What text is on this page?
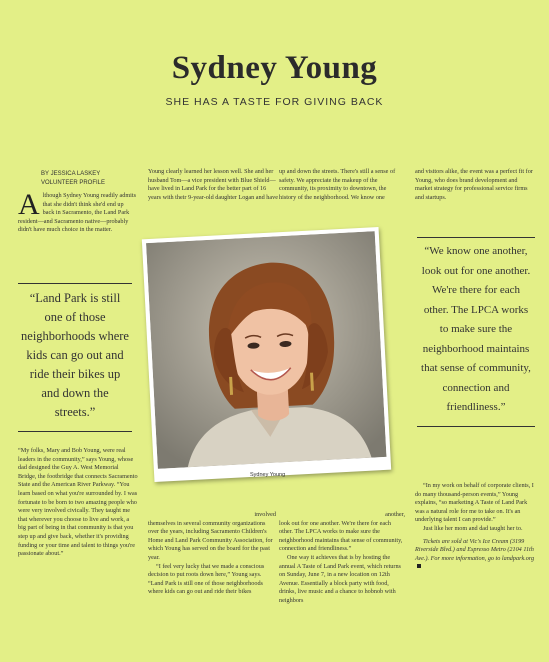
Sydney Young
SHE HAS A TASTE FOR GIVING BACK
BY JESSICA LASKEY
VOLUNTEER PROFILE
A lthough Sydney Young readily admits that she didn't think she'd end up back in Sacramento, the Land Park resident—and Sacramento native—probably didn't have much choice in the matter.
Young clearly learned her lesson well. She and her husband Tom—a vice president with Blue Shield—have lived in Land Park for the better part of 16 years with their 9-year-old daughter Logan and have
up and down the streets. There's still a sense of safety. We appreciate the makeup of the community, its proximity to downtown, the history of the neighborhood. We know one
and visitors alike, the event was a perfect fit for Young, who does brand development and market strategy for professional service firms and startups.
“Land Park is still one of those neighborhoods where kids can go out and ride their bikes up and down the streets.”
“We know one another, look out for one another. We're there for each other. The LPCA works to make sure the neighborhood maintains that sense of community, connection and friendliness.”
Sydney Young
“My folks, Mary and Bob Young, were real leaders in the community,” says Young, whose dad designed the Guy A. West Memorial Bridge, the footbridge that connects Sacramento State and the American River Parkway. “You learn based on what you're surrounded by. I was fortunate to be born to two amazing people who were very involved civically. They taught me that wherever you choose to live and work, a big part of being in that community is that you step up and give back, whether it's providing funding or your time and talent to things you're passionate about.”
involved

themselves in several community organizations over the years, including Sacramento Children's Home and Land Park Community Association, for which Young has served on the board for the past year.

“I feel very lucky that we made a conscious decision to put roots down here,” Young says. “Land Park is still one of those neighborhoods where kids can go out and ride their bikes

another,

look out for one another. We're there for each other. The LPCA works to make sure the neighborhood maintains that sense of community, connection and friendliness.”

One way it achieves that is by hosting the annual A Taste of Land Park event, which returns on Sunday, June 7, in a new location on 12th Avenue. Essentially a block party with food, drinks, live music and a chance to hobnob with neighbors

“In my work on behalf of corporate clients, I do many thousand-person events,” Young explains, “so marketing A Taste of Land Park was a natural role for me to take on. It's an underlying talent I can provide.”

Just like her mom and dad taught her to.

Tickets are sold at Vic's Ice Cream (3199 Riverside Blvd.) and Espresso Metro (2104 11th Ave.). For more information, go to landpark.org
